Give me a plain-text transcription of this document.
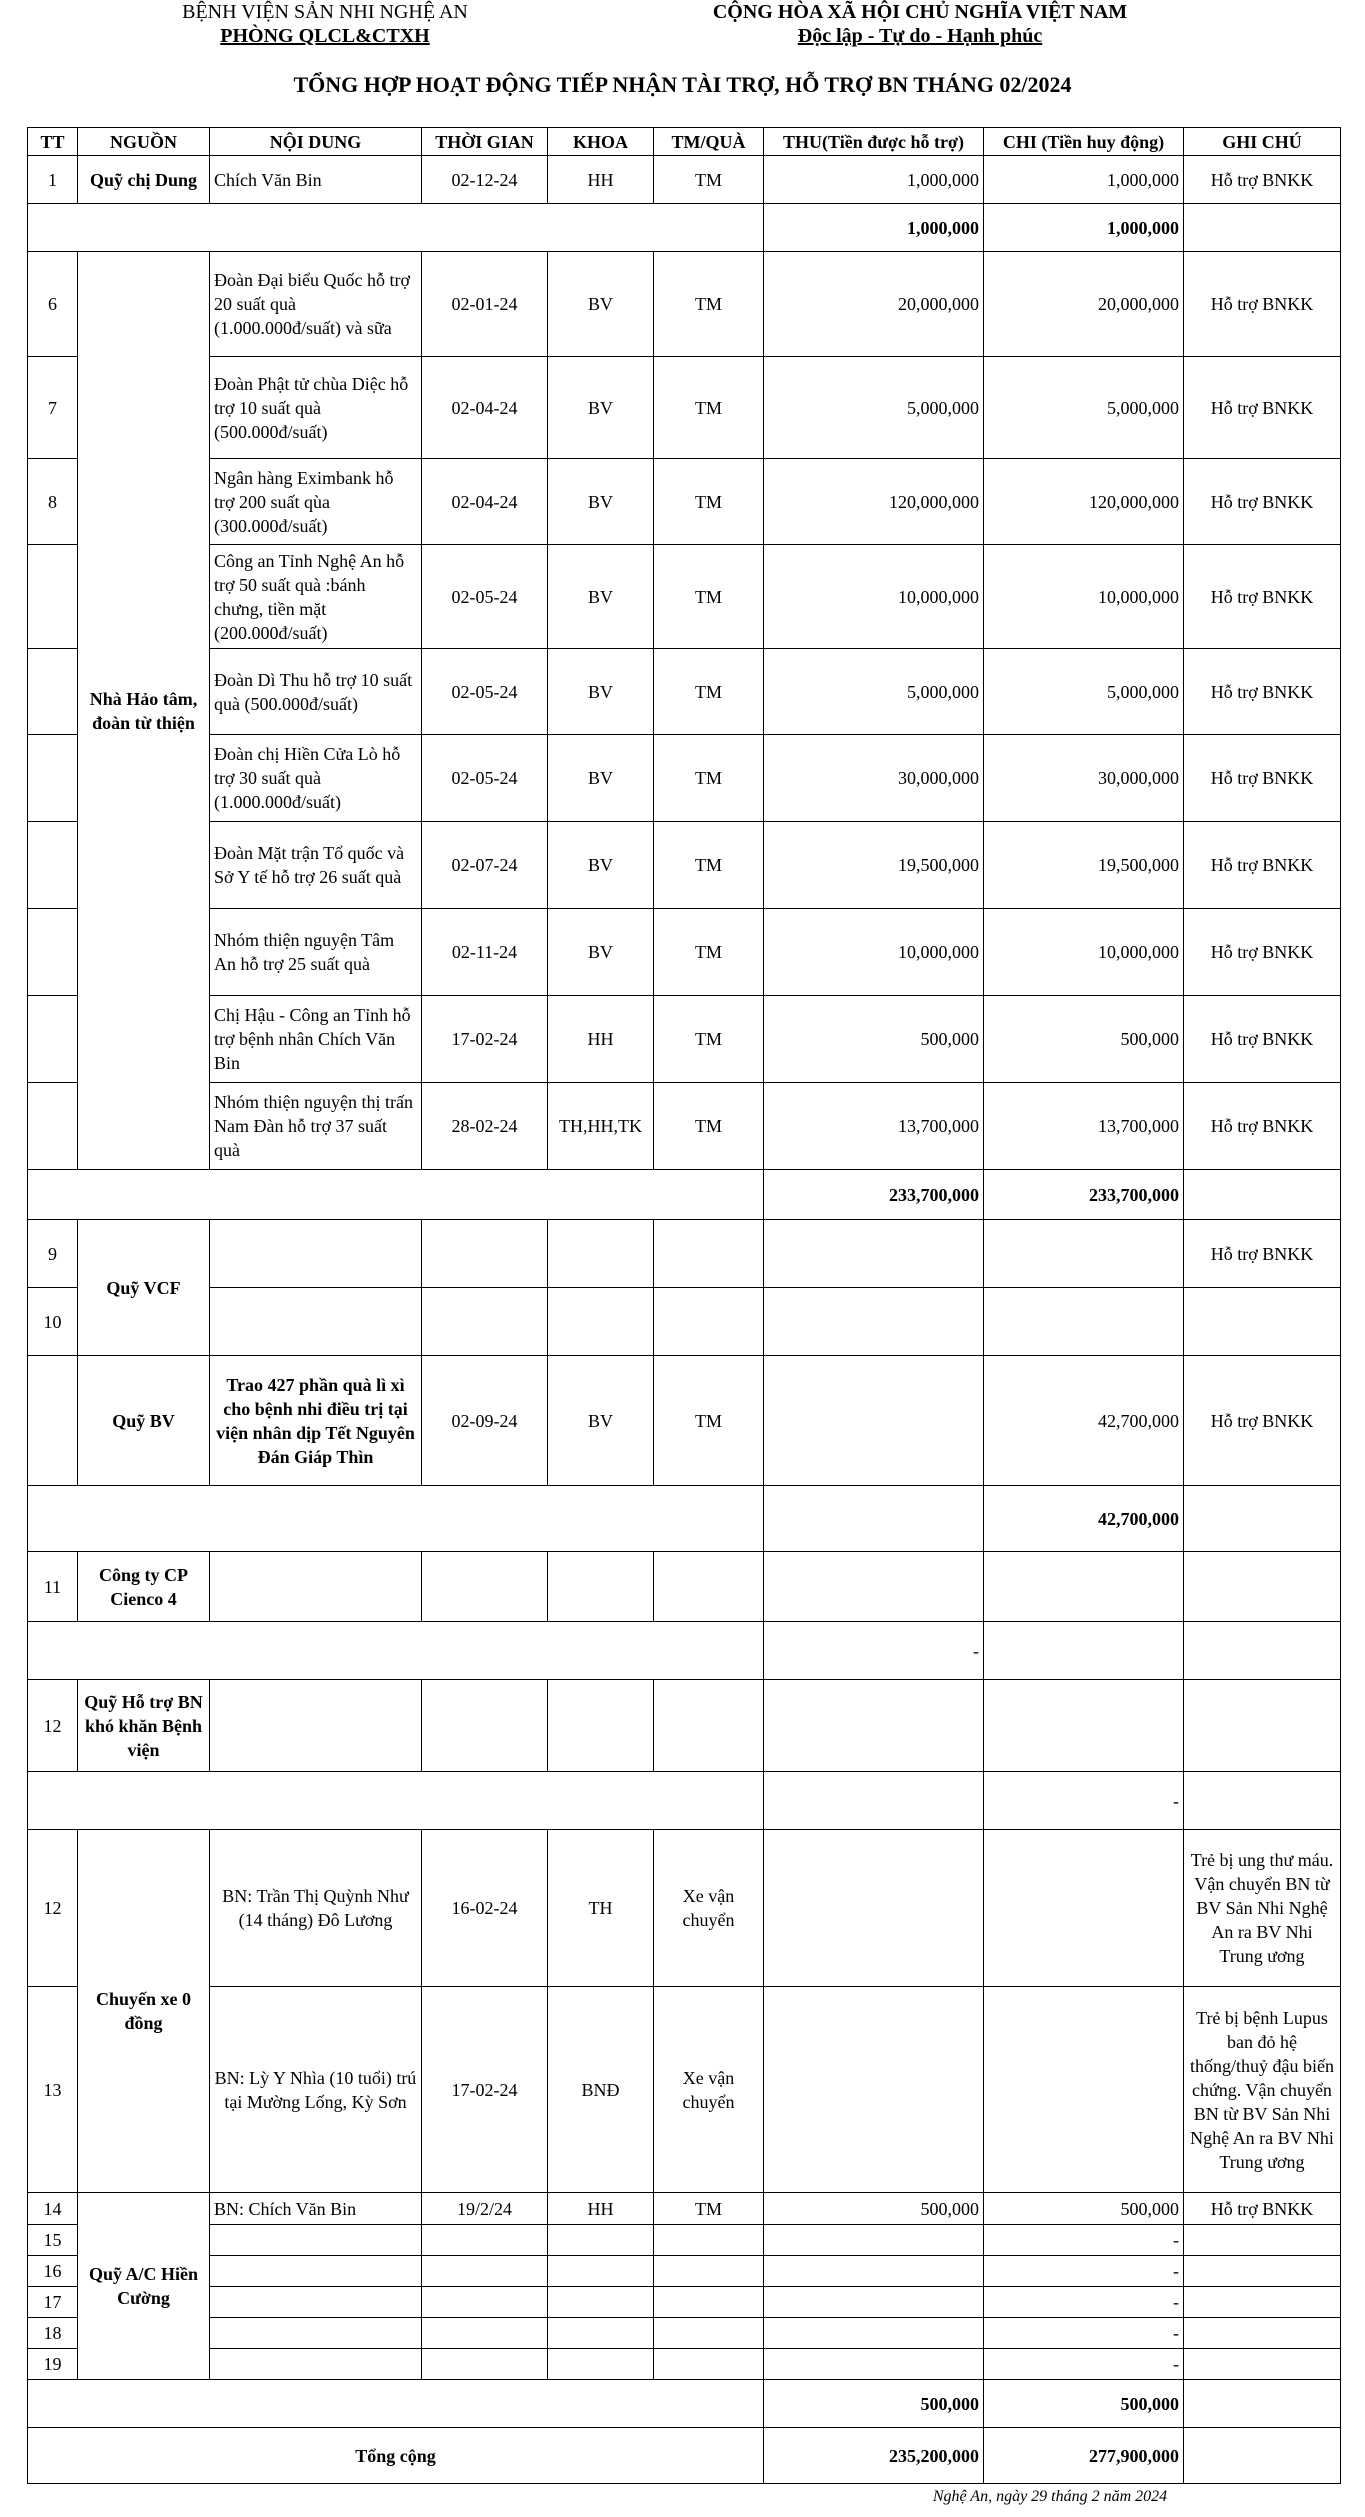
BỆNH VIỆN SẢN NHI NGHỆ AN
PHÒNG QLCL&CTXH
CỘNG HÒA XÃ HỘI CHỦ NGHĨA VIỆT NAM
Độc lập - Tự do - Hạnh phúc
TỔNG HỢP HOẠT ĐỘNG TIẾP NHẬN TÀI TRỢ, HỖ TRỢ BN THÁNG 02/2024
TT	NGUỒN	NỘI DUNG	THỜI GIAN	KHOA	TM/QUÀ	THU(Tiền được hỗ trợ)	CHI (Tiền huy động)	GHI CHÚ
1	Quỹ chị Dung	Chích Văn Bin	02-12-24	HH	TM	1,000,000	1,000,000	Hỗ trợ BNKK
						1,000,000	1,000,000	
6	Nhà Hảo tâm, đoàn từ thiện	Đoàn Đại biểu Quốc hỗ trợ 20 suất quà (1.000.000đ/suất) và sữa	02-01-24	BV	TM	20,000,000	20,000,000	Hỗ trợ BNKK
7		Đoàn Phật tử chùa Diệc hỗ trợ 10 suất quà (500.000đ/suất)	02-04-24	BV	TM	5,000,000	5,000,000	Hỗ trợ BNKK
8		Ngân hàng Eximbank hỗ trợ 200 suất qùa (300.000đ/suất)	02-04-24	BV	TM	120,000,000	120,000,000	Hỗ trợ BNKK
		Công an Tỉnh Nghệ An hỗ trợ 50 suất quà :bánh chưng, tiền mặt (200.000đ/suất)	02-05-24	BV	TM	10,000,000	10,000,000	Hỗ trợ BNKK
		Đoàn Dì Thu hỗ trợ 10 suất quà (500.000đ/suất)	02-05-24	BV	TM	5,000,000	5,000,000	Hỗ trợ BNKK
		Đoàn chị Hiền Cửa Lò hỗ trợ 30 suất quà (1.000.000đ/suất)	02-05-24	BV	TM	30,000,000	30,000,000	Hỗ trợ BNKK
		Đoàn Mặt trận Tổ quốc và Sở Y tế hỗ trợ 26 suất quà	02-07-24	BV	TM	19,500,000	19,500,000	Hỗ trợ BNKK
		Nhóm thiện nguyện Tâm An hỗ trợ 25 suất quà	02-11-24	BV	TM	10,000,000	10,000,000	Hỗ trợ BNKK
		Chị Hậu - Công an Tỉnh hỗ trợ bệnh nhân Chích Văn Bin	17-02-24	HH	TM	500,000	500,000	Hỗ trợ BNKK
		Nhóm thiện nguyện thị trấn Nam Đàn hỗ trợ 37 suất quà	28-02-24	TH,HH,TK	TM	13,700,000	13,700,000	Hỗ trợ BNKK
						233,700,000	233,700,000	
9	Quỹ VCF							Hỗ trợ BNKK
10								
	Quỹ BV	Trao 427 phần quà lì xì cho bệnh nhi điều trị tại viện nhân dịp Tết Nguyên Đán Giáp Thìn	02-09-24	BV	TM		42,700,000	Hỗ trợ BNKK
							42,700,000	
11	Công ty CP Cienco 4							
						-		
12	Quỹ Hỗ trợ BN khó khăn Bệnh viện							
							-	
12	Chuyến xe 0 đồng	BN: Trần Thị Quỳnh Như (14 tháng) Đô Lương	16-02-24	TH	Xe vận chuyển			Trẻ bị ung thư máu. Vận chuyển BN từ BV Sản Nhi Nghệ An ra BV Nhi Trung ương
13		BN: Lỳ Y Nhìa (10 tuổi) trú tại Mường Lống, Kỳ Sơn	17-02-24	BNĐ	Xe vận chuyển			Trẻ bị bệnh Lupus ban đỏ hệ thống/thuỷ đậu biến chứng. Vận chuyển BN từ BV Sản Nhi Nghệ An ra BV Nhi Trung ương
14	Quỹ A/C Hiền Cường	BN: Chích Văn Bin	19/2/24	HH	TM	500,000	500,000	Hỗ trợ BNKK
15							-	
16							-	
17							-	
18							-	
19							-	
						500,000	500,000	
Tổng cộng						235,200,000	277,900,000	
Nghệ An, ngày 29 tháng 2 năm 2024
